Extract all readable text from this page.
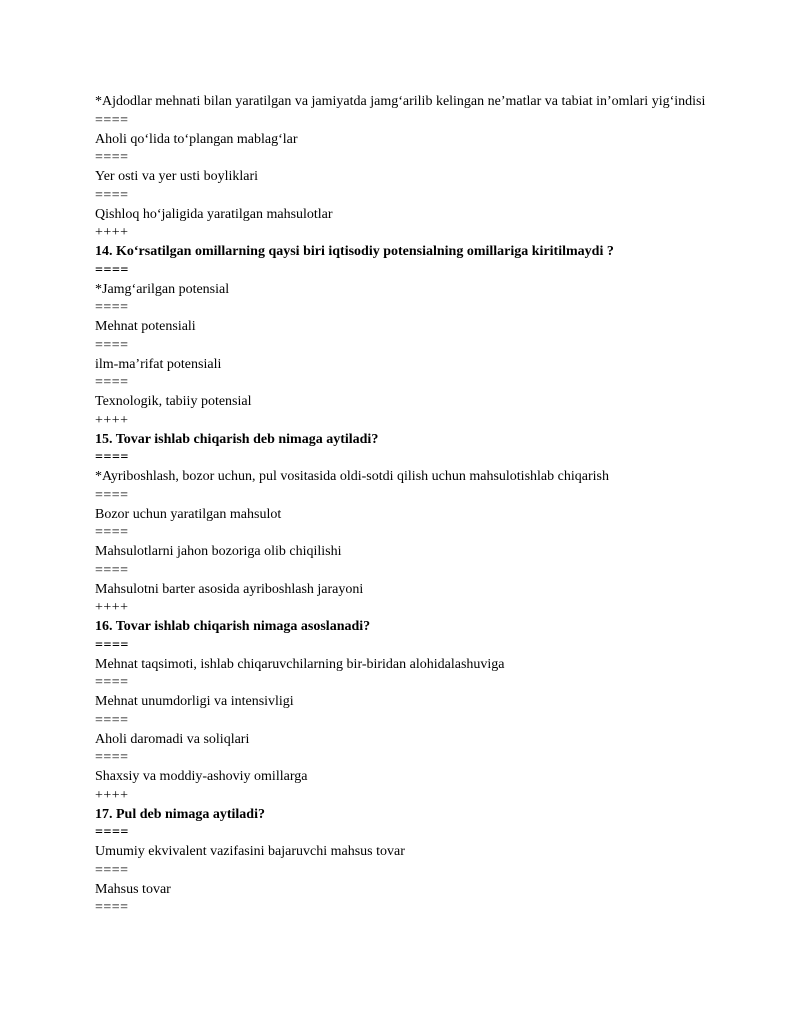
*Ajdodlar mehnati bilan yaratilgan va jamiyatda jamg‘arilib kelingan ne’matlar va tabiat in’omlari yig‘indisi
====
Aholi qo‘lida to‘plangan mablag‘lar
====
Yer osti va yer usti boyliklari
====
Qishloq ho‘jaligida yaratilgan mahsulotlar
++++
14. Ko‘rsatilgan omillarning qaysi biri iqtisodiy potensialning omillariga kiritilmaydi ?
====
*Jamg‘arilgan potensial
====
Mehnat potensiali
====
ilm-ma’rifat potensiali
====
Texnologik, tabiiy potensial
++++
15. Tovar ishlab chiqarish deb nimaga aytiladi?
====
*Ayriboshlash, bozor uchun, pul vositasida oldi-sotdi qilish uchun mahsulotishlab chiqarish
====
Bozor uchun yaratilgan mahsulot
====
Mahsulotlarni jahon bozoriga olib chiqilishi
====
Mahsulotni barter asosida ayriboshlash jarayoni
++++
16. Tovar ishlab chiqarish nimaga asoslanadi?
====
Mehnat taqsimoti, ishlab chiqaruvchilarning bir-biridan alohidalashuviga
====
Mehnat unumdorligi va intensivligi
====
Aholi daromadi va soliqlari
====
Shaxsiy va moddiy-ashoviy omillarga
++++
17. Pul deb nimaga aytiladi?
====
Umumiy ekvivalent vazifasini bajaruvchi mahsus tovar
====
Mahsus tovar
====
